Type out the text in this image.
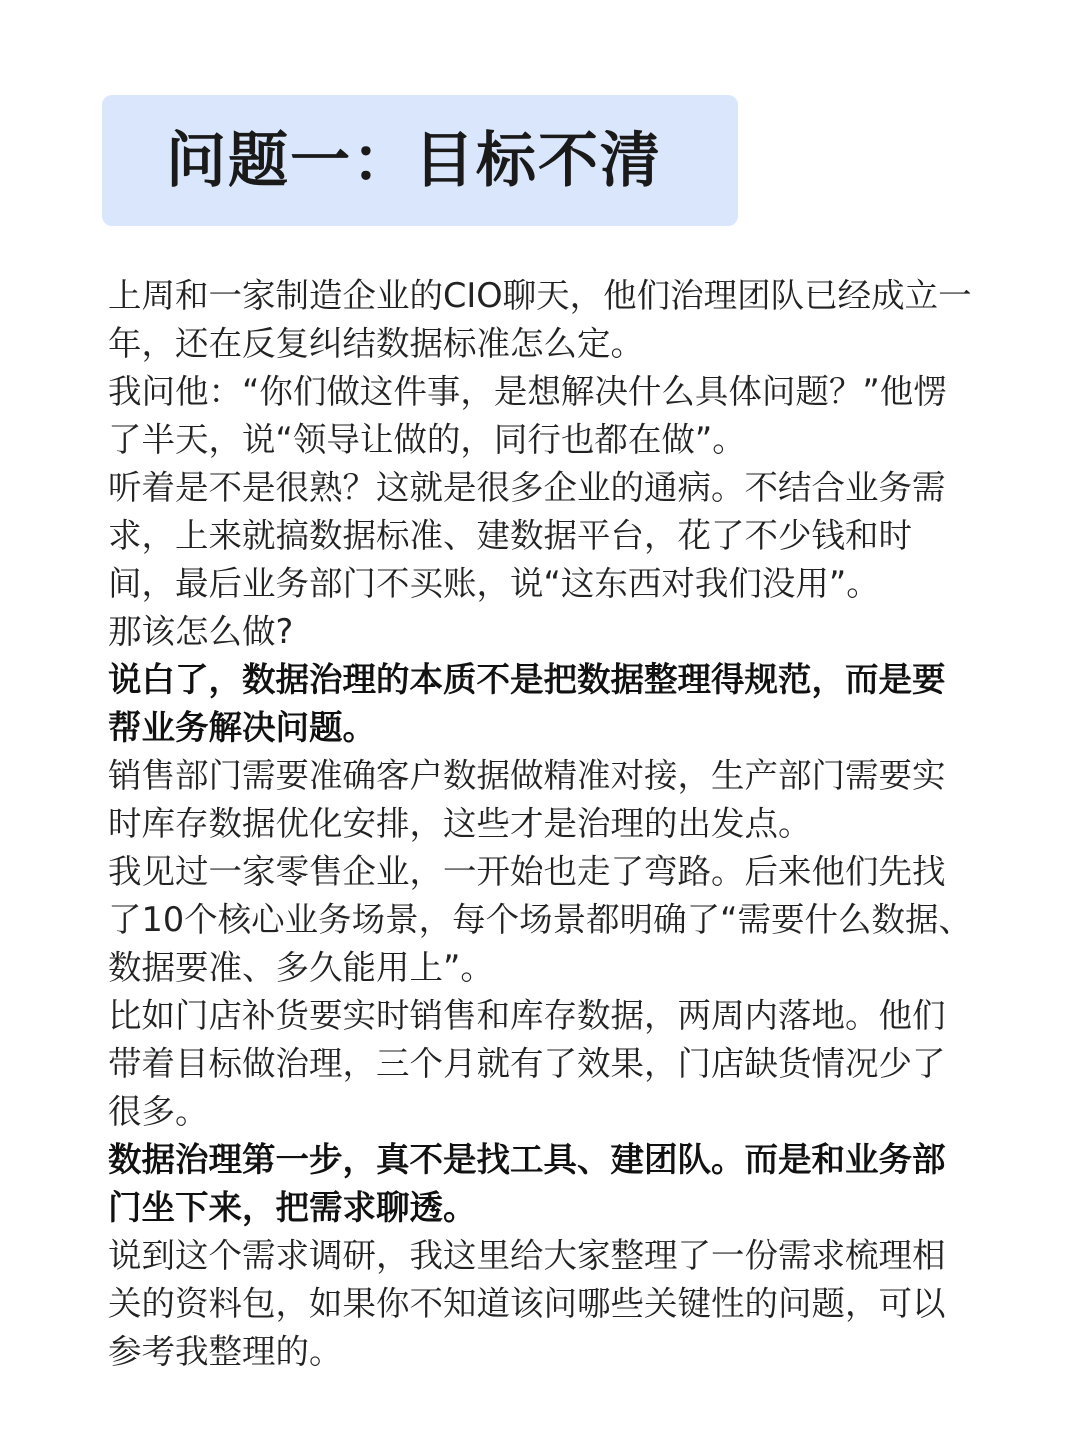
问题一：目标不清

上周和一家制造企业的CIO聊天，他们治理团队已经成立一年，还在反复纠结数据标准怎么定。

我问他：“你们做这件事，是想解决什么具体问题？”他愣了半天，说“领导让做的，同行也都在做”。

听着是不是很熟？这就是很多企业的通病。不结合业务需求，上来就搞数据标准、建数据平台，花了不少钱和时间，最后业务部门不买账，说“这东西对我们没用”。

那该怎么做?

说白了，数据治理的本质不是把数据整理得规范，而是要帮业务解决问题。

销售部门需要准确客户数据做精准对接，生产部门需要实时库存数据优化安排，这些才是治理的出发点。

我见过一家零售企业，一开始也走了弯路。后来他们先找了10个核心业务场景，每个场景都明确了“需要什么数据、数据要准、多久能用上”。

比如门店补货要实时销售和库存数据，两周内落地。他们带着目标做治理，三个月就有了效果，门店缺货情况少了很多。

数据治理第一步，真不是找工具、建团队。而是和业务部门坐下来，把需求聊透。

说到这个需求调研，我这里给大家整理了一份需求梳理相关的资料包，如果你不知道该问哪些关键性的问题，可以参考我整理的。
